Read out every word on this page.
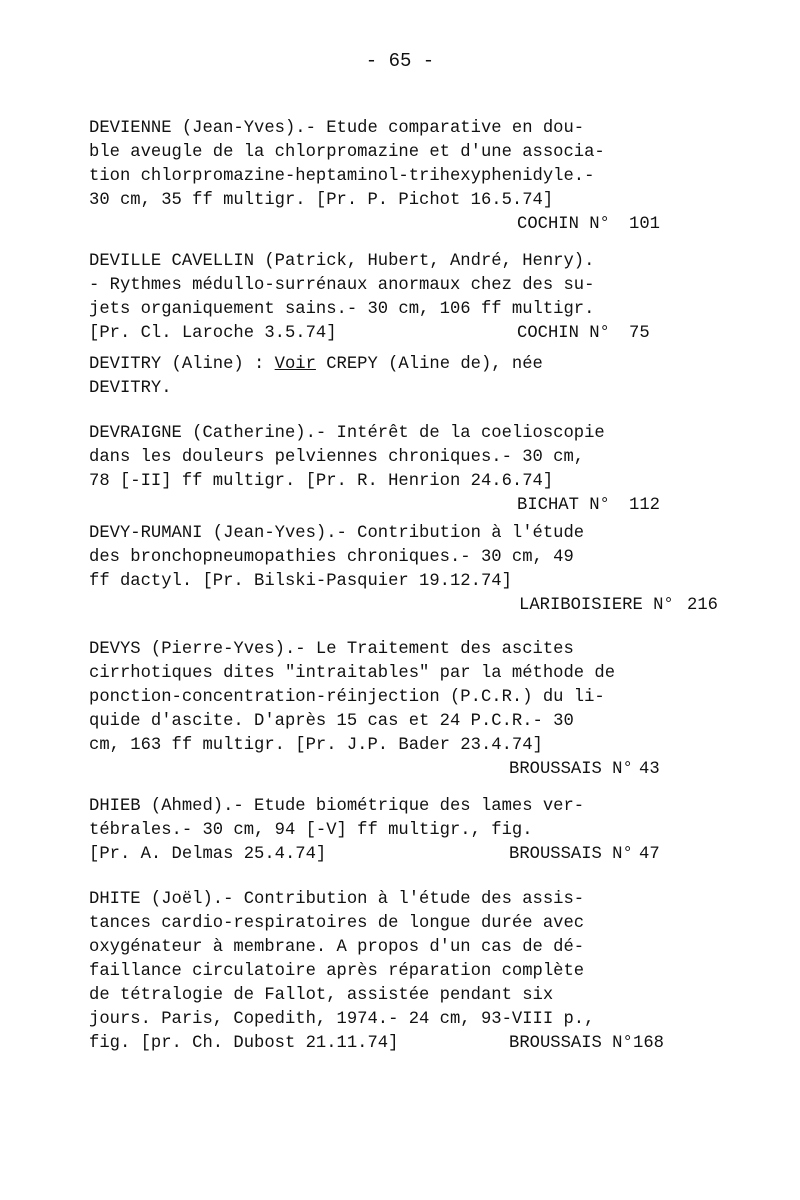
- 65 -
DEVIENNE (Jean-Yves).- Etude comparative en dou-
ble aveugle de la chlorpromazine et d'une associa-
tion chlorpromazine-heptaminol-trihexyphenidyle.-
30 cm, 35 ff multigr. [Pr. P. Pichot 16.5.74]
COCHIN N° 101
DEVILLE CAVELLIN (Patrick, Hubert, André, Henry).
- Rythmes médullo-surrénaux anormaux chez des su-
jets organiquement sains.- 30 cm, 106 ff multigr.
[Pr. Cl. Laroche 3.5.74]	COCHIN N° 75
DEVITRY (Aline) : Voir CREPY (Aline de), née
DEVITRY.
DEVRAIGNE (Catherine).- Intérêt de la coelioscopie
dans les douleurs pelviennes chroniques.- 30 cm,
78 [-II] ff multigr. [Pr. R. Henrion 24.6.74]
BICHAT N° 112
DEVY-RUMANI (Jean-Yves).- Contribution à l'étude
des bronchopneumopathies chroniques.- 30 cm, 49
ff dactyl. [Pr. Bilski-Pasquier 19.12.74]
LARIBOISIERE N° 216
DEVYS (Pierre-Yves).- Le Traitement des ascites
cirrhotiques dites "intraitables" par la méthode de
ponction-concentration-réinjection (P.C.R.) du li-
quide d'ascite. D'après 15 cas et 24 P.C.R.- 30
cm, 163 ff multigr. [Pr. J.P. Bader 23.4.74]
BROUSSAIS N° 43
DHIEB (Ahmed).- Etude biométrique des lames ver-
tébrales.- 30 cm, 94 [-V] ff multigr., fig.
[Pr. A. Delmas 25.4.74]	BROUSSAIS N° 47
DHITE (Joël).- Contribution à l'étude des assis-
tances cardio-respiratoires de longue durée avec
oxygénateur à membrane. A propos d'un cas de dé-
faillance circulatoire après réparation complète
de tétralogie de Fallot, assistée pendant six
jours. Paris, Copedith, 1974.- 24 cm, 93-VIII p.,
fig. [pr. Ch. Dubost 21.11.74]	BROUSSAIS N° 168
